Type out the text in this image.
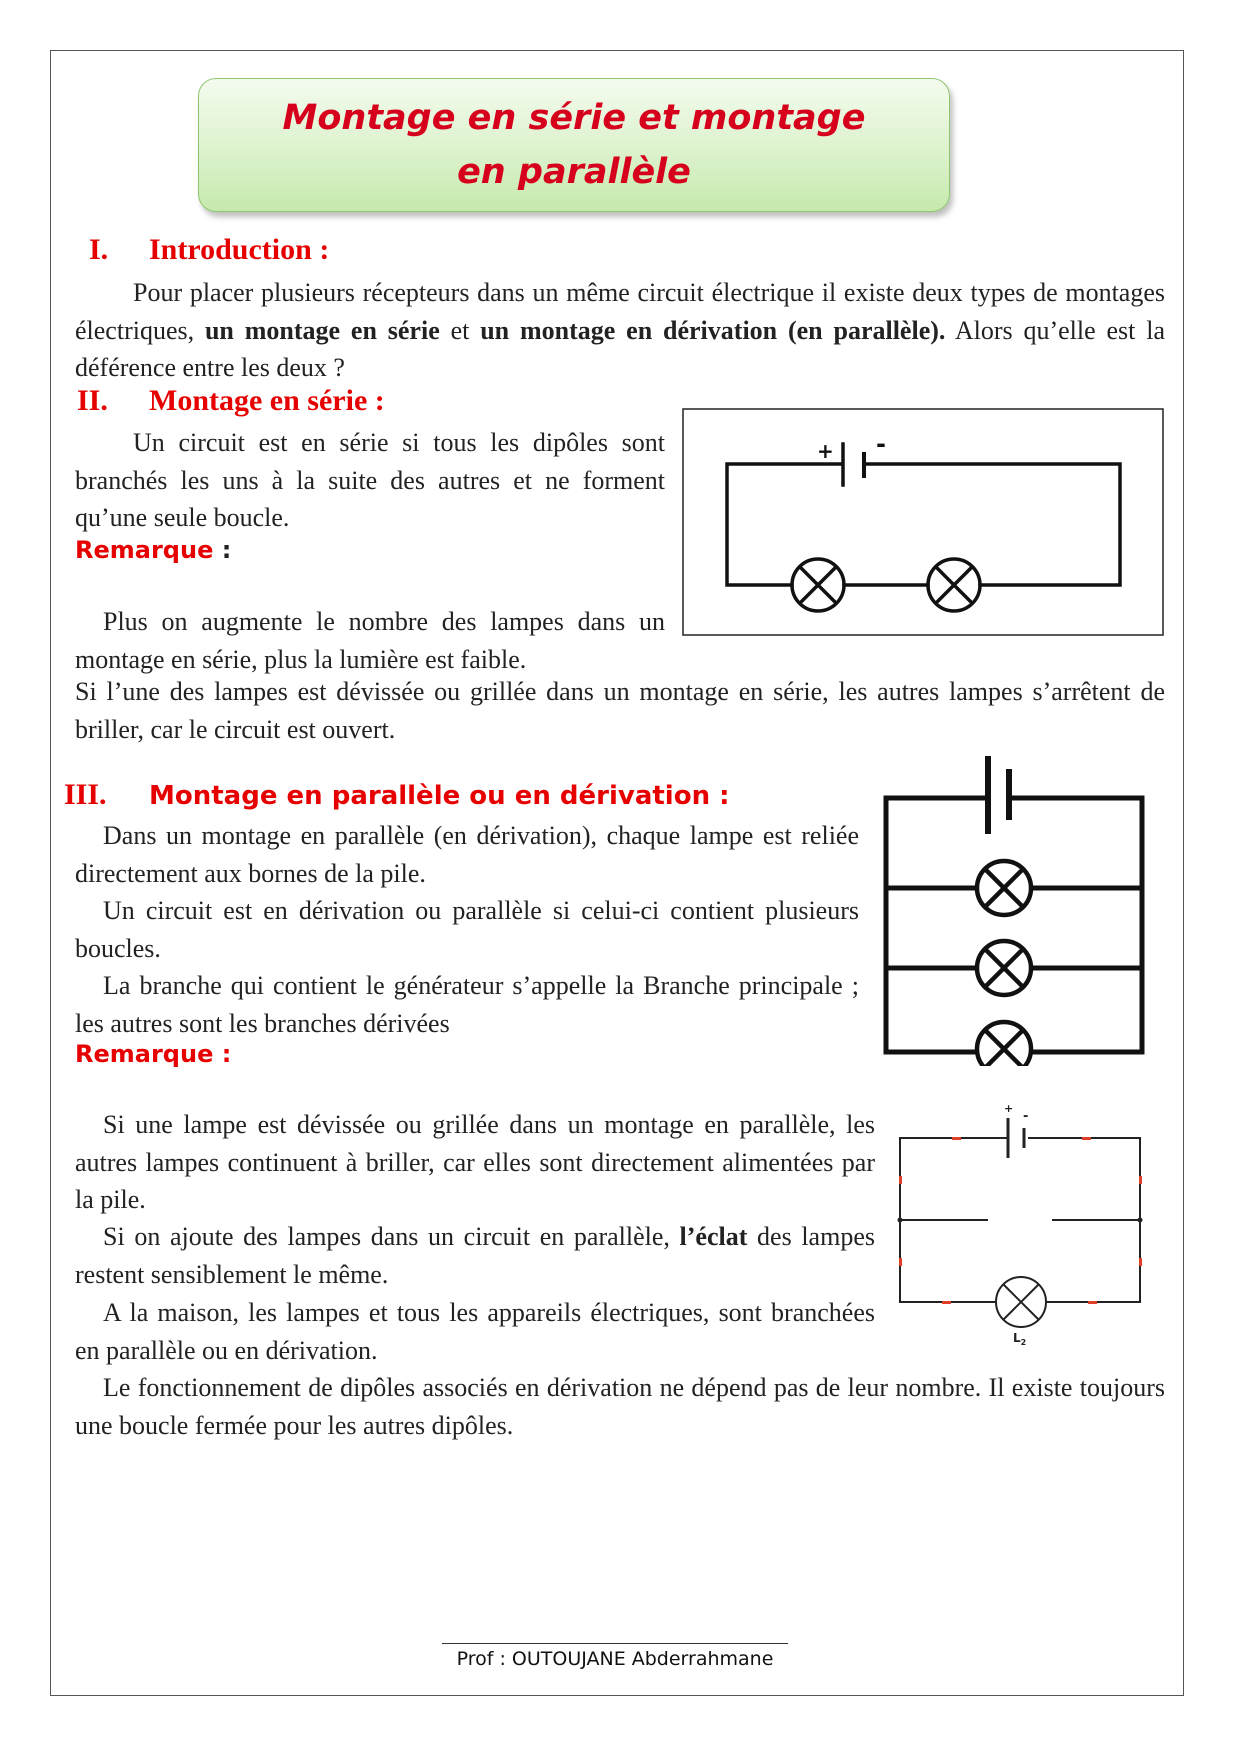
Montage en série et montage en parallèle
I. Introduction :

Pour placer plusieurs récepteurs dans un même circuit électrique il existe deux types de montages électriques, un montage en série et un montage en dérivation (en parallèle). Alors qu’elle est la déférence entre les deux ?

II. Montage en série :

Un circuit est en série si tous les dipôles sont branchés les uns à la suite des autres et ne forment qu’une seule boucle.

Remarque :

Plus on augmente le nombre des lampes dans un montage en série, plus la lumière est faible.

Si l’une des lampes est dévissée ou grillée dans un montage en série, les autres lampes s’arrêtent de briller, car le circuit est ouvert.

+ -
III. Montage en parallèle ou en dérivation :

Dans un montage en parallèle (en dérivation), chaque lampe est reliée directement aux bornes de la pile.

Un circuit est en dérivation ou parallèle si celui-ci contient plusieurs boucles.

La branche qui contient le générateur s’appelle la Branche principale ; les autres sont les branches dérivées

Remarque :

Si une lampe est dévissée ou grillée dans un montage en parallèle, les autres lampes continuent à briller, car elles sont directement alimentées par la pile.

Si on ajoute des lampes dans un circuit en parallèle, l’éclat des lampes restent sensiblement le même.

A la maison, les lampes et tous les appareils électriques, sont branchées en parallèle ou en dérivation.

Le fonctionnement de dipôles associés en dérivation ne dépend pas de leur nombre. Il existe toujours une boucle fermée pour les autres dipôles.

+
-
$L_2$
Prof : OUTOUJANE Abderrahmane
